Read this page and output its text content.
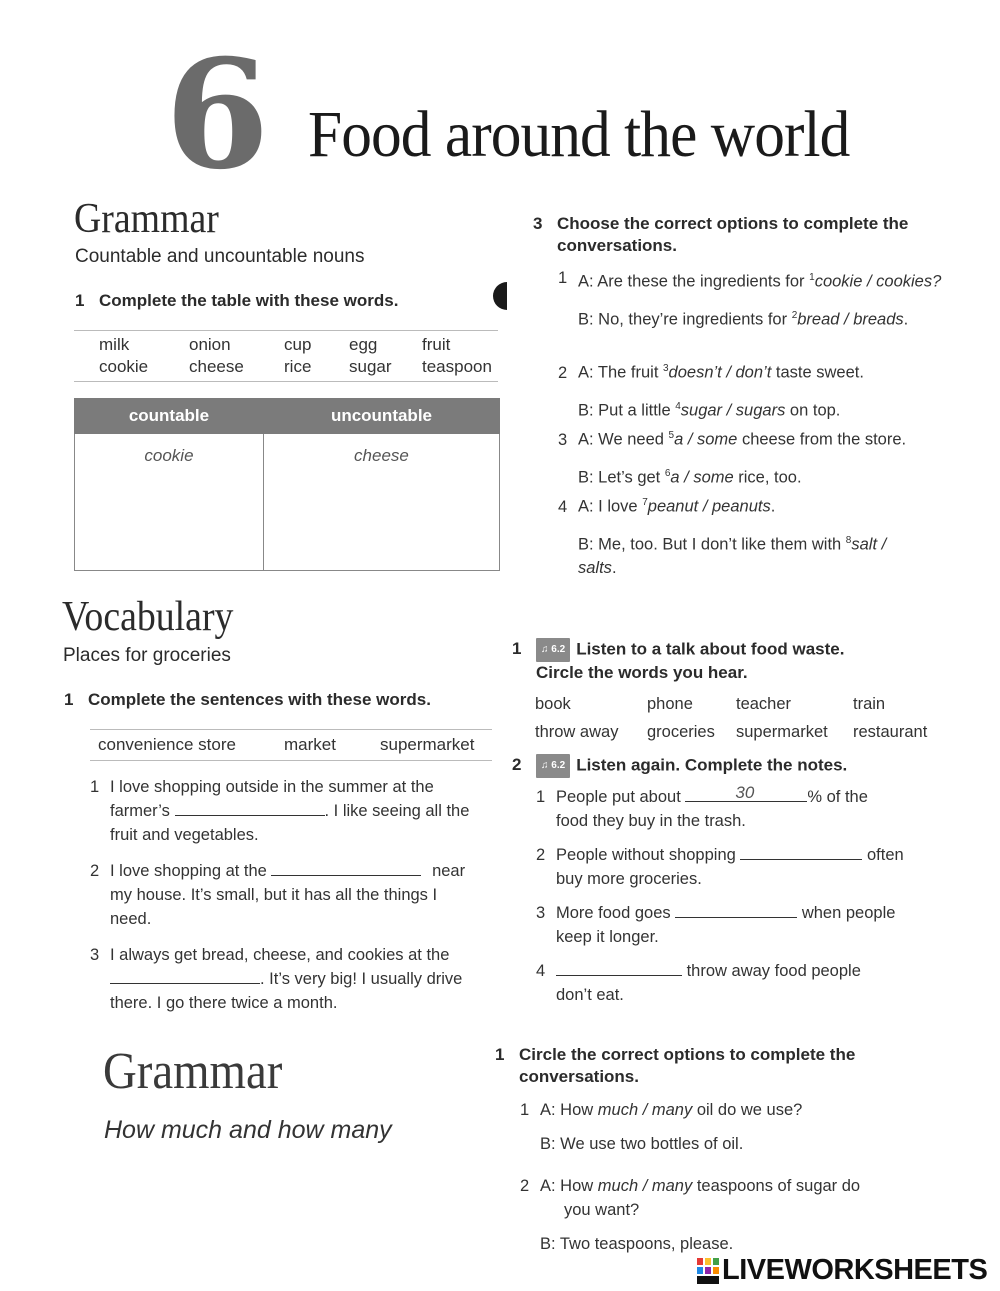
6 Food around the world
Grammar
Countable and uncountable nouns
1 Complete the table with these words.
milk	onion	cup	egg	fruit
cookie	cheese	rice	sugar	teaspoon
countable	uncountable
cookie	cheese
3 Choose the correct options to complete the conversations.
1 A: Are these the ingredients for $^1$cookie / cookies?
B: No, they’re ingredients for $^2$bread / breads.
2 A: The fruit $^3$doesn’t / don’t taste sweet.
B: Put a little $^4$sugar / sugars on top.
3 A: We need $^5$a / some cheese from the store.
B: Let’s get $^6$a / some rice, too.
4 A: I love $^7$peanut / peanuts.
B: Me, too. But I don’t like them with $^8$salt / salts.
Vocabulary
Places for groceries
1 Complete the sentences with these words.
convenience store	market	supermarket
1 I love shopping outside in the summer at the
farmer’s	. I like seeing all the
fruit and vegetables.
2 I love shopping at the	near
my house. It’s small, but it has all the things I
need.
3 I always get bread, cheese, and cookies at the
. It’s very big! I usually drive
there. I go there twice a month.
1 ♫ 6.2 Listen to a talk about food waste.
Circle the words you hear.
book	phone	teacher	train
throw away	groceries	supermarket	restaurant
2 ♫ 6.2 Listen again. Complete the notes.
1 People put about	30	% of the
food they buy in the trash.
2 People without shopping	often
buy more groceries.
3 More food goes	when people
keep it longer.
4	throw away food people
don’t eat.
Grammar
How much and how many
1 Circle the correct options to complete the
conversations.
1 A: How much / many oil do we use?
B: We use two bottles of oil.
2 A: How much / many teaspoons of sugar do
you want?
B: Two teaspoons, please.
LIVEWORKSHEETS
